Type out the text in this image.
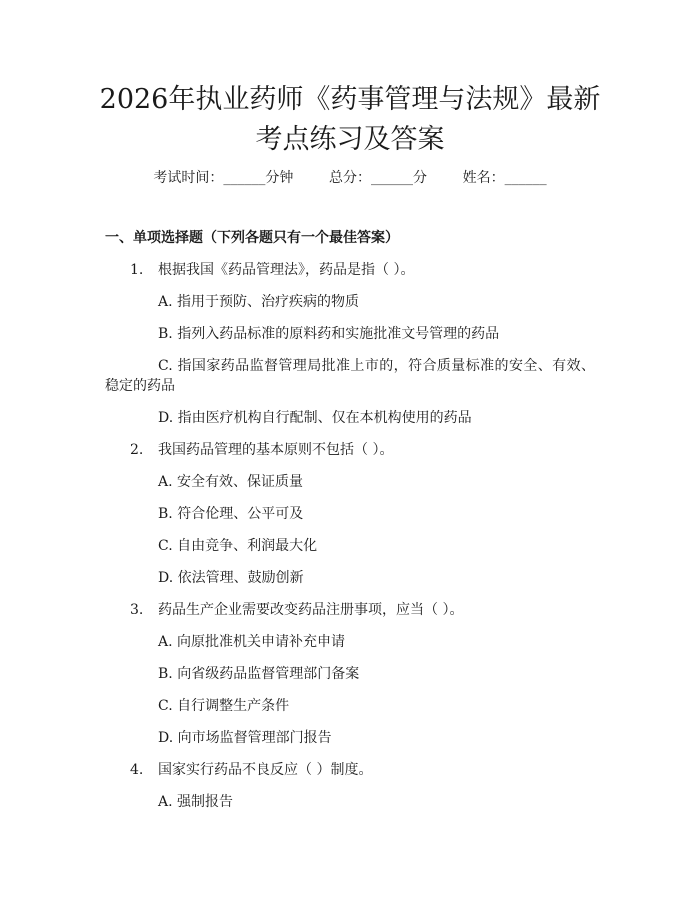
2026年执业药师《药事管理与法规》最新考点练习及答案
考试时间：______分钟	总分：______分	姓名：______
一、单项选择题（下列各题只有一个最佳答案）
1. 根据我国《药品管理法》，药品是指（ ）。
A. 指用于预防、治疗疾病的物质
B. 指列入药品标准的原料药和实施批准文号管理的药品
C. 指国家药品监督管理局批准上市的，符合质量标准的安全、有效、稳定的药品
D. 指由医疗机构自行配制、仅在本机构使用的药品
2. 我国药品管理的基本原则不包括（ ）。
A. 安全有效、保证质量
B. 符合伦理、公平可及
C. 自由竞争、利润最大化
D. 依法管理、鼓励创新
3. 药品生产企业需要改变药品注册事项，应当（ ）。
A. 向原批准机关申请补充申请
B. 向省级药品监督管理部门备案
C. 自行调整生产条件
D. 向市场监督管理部门报告
4. 国家实行药品不良反应（ ）制度。
A. 强制报告
